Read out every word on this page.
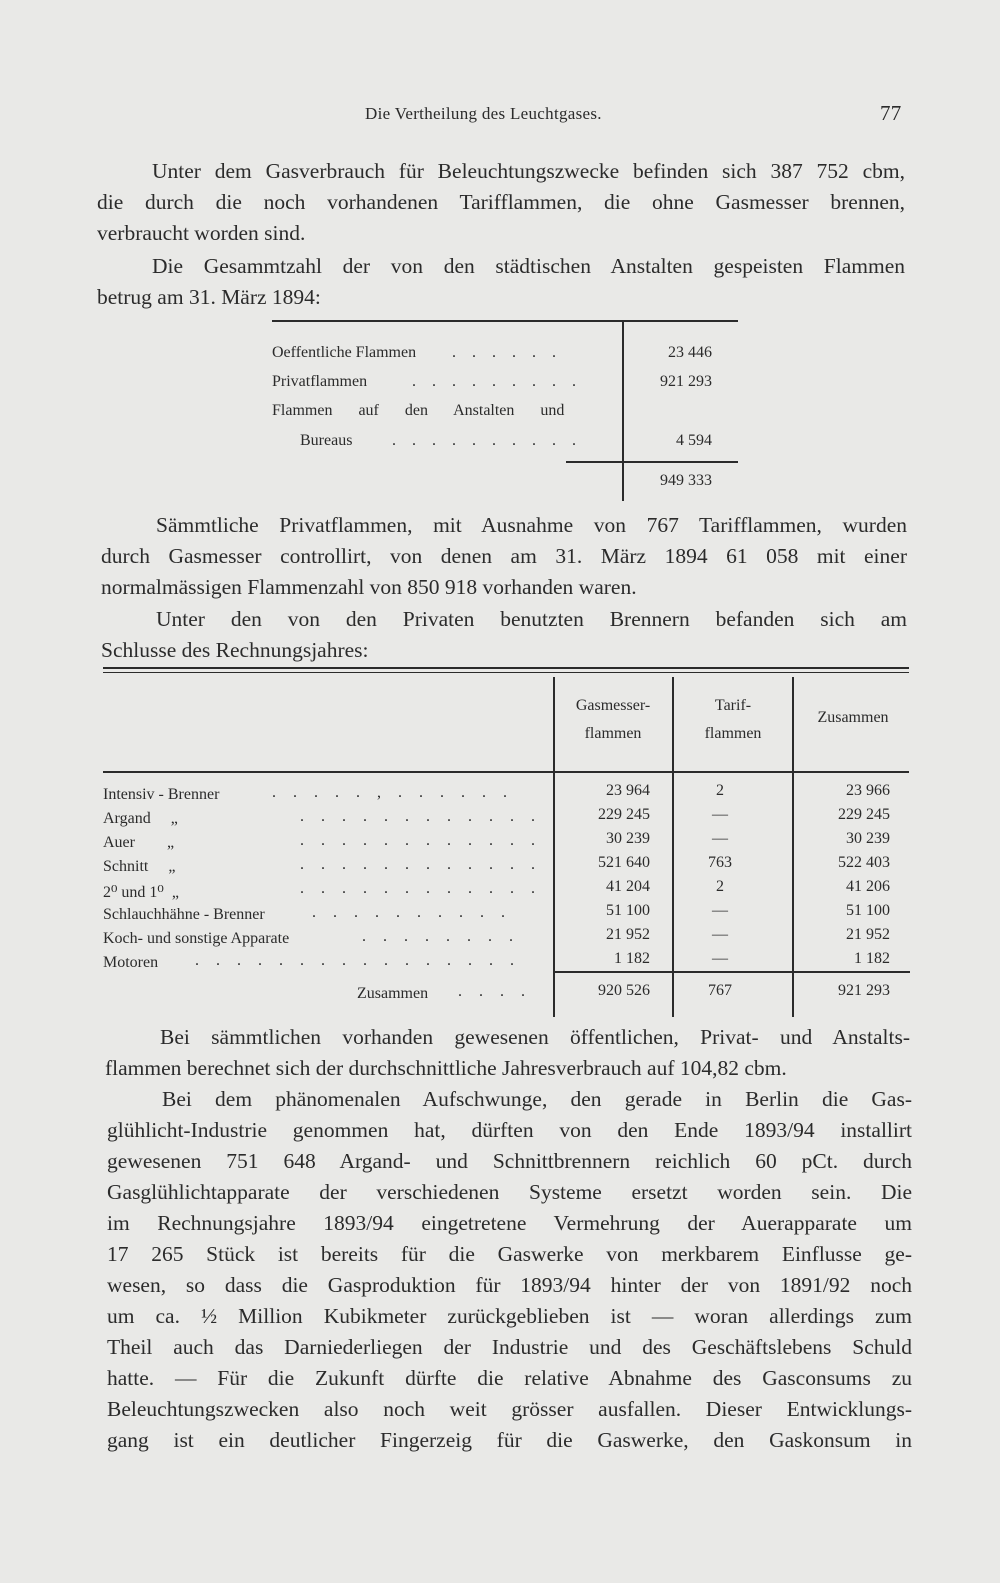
Die Vertheilung des Leuchtgases.	77
Unter dem Gasverbrauch für Beleuchtungszwecke befinden sich 387 752 cbm,
die durch die noch vorhandenen Tarifflammen, die ohne Gasmesser brennen,
verbraucht worden sind.
Die Gesammtzahl der von den städtischen Anstalten gespeisten Flammen
betrug am 31. März 1894:
Oeffentliche Flammen . . . . . .	23 446
Privatflammen	. . . . . . . . .	921 293
Flammen auf den Anstalten und
Bureaus . . . . . . . . . .	4 594
949 333
Sämmtliche Privatflammen, mit Ausnahme von 767 Tarifflammen, wurden
durch Gasmesser controllirt, von denen am 31. März 1894 61 058 mit einer
normalmässigen Flammenzahl von 850 918 vorhanden waren.
Unter den von den Privaten benutzten Brennern befanden sich am
Schlusse des Rechnungsjahres:
Gasmesser-
flammen
Tarif-
flammen
Zusammen
Intensiv - Brenner	. . . . . , . . . . . .	23 964	2	23 966
Argand     „	. . . . . . . . . . . .	229 245	—	229 245
Auer        „	. . . . . . . . . . . .	30 239	—	30 239
Schnitt     „	. . . . . . . . . . . .	521 640	763	522 403
2⁰ und 1⁰  „	. . . . . . . . . . . .	41 204	2	41 206
Schlauchhähne - Brenner	. . . . . . . . . .	51 100	—	51 100
Koch- und sonstige Apparate	. . . . . . . .	21 952	—	21 952
Motoren . . . . . . . . . . . . . . . .	1 182	—	1 182
Zusammen . . . .	920 526	767	921 293
Bei sämmtlichen vorhanden gewesenen öffentlichen, Privat- und Anstalts-
flammen berechnet sich der durchschnittliche Jahresverbrauch auf 104,82 cbm.
Bei dem phänomenalen Aufschwunge, den gerade in Berlin die Gas-
glühlicht-Industrie genommen hat, dürften von den Ende 1893/94 installirt
gewesenen 751 648 Argand- und Schnittbrennern reichlich 60 pCt. durch
Gasglühlichtapparate der verschiedenen Systeme ersetzt worden sein. Die
im Rechnungsjahre 1893/94 eingetretene Vermehrung der Auerapparate um
17 265 Stück ist bereits für die Gaswerke von merkbarem Einflusse ge-
wesen, so dass die Gasproduktion für 1893/94 hinter der von 1891/92 noch
um ca. ½ Million Kubikmeter zurückgeblieben ist — woran allerdings zum
Theil auch das Darniederliegen der Industrie und des Geschäftslebens Schuld
hatte. — Für die Zukunft dürfte die relative Abnahme des Gasconsums zu
Beleuchtungszwecken also noch weit grösser ausfallen. Dieser Entwicklungs-
gang ist ein deutlicher Fingerzeig für die Gaswerke, den Gaskonsum in
